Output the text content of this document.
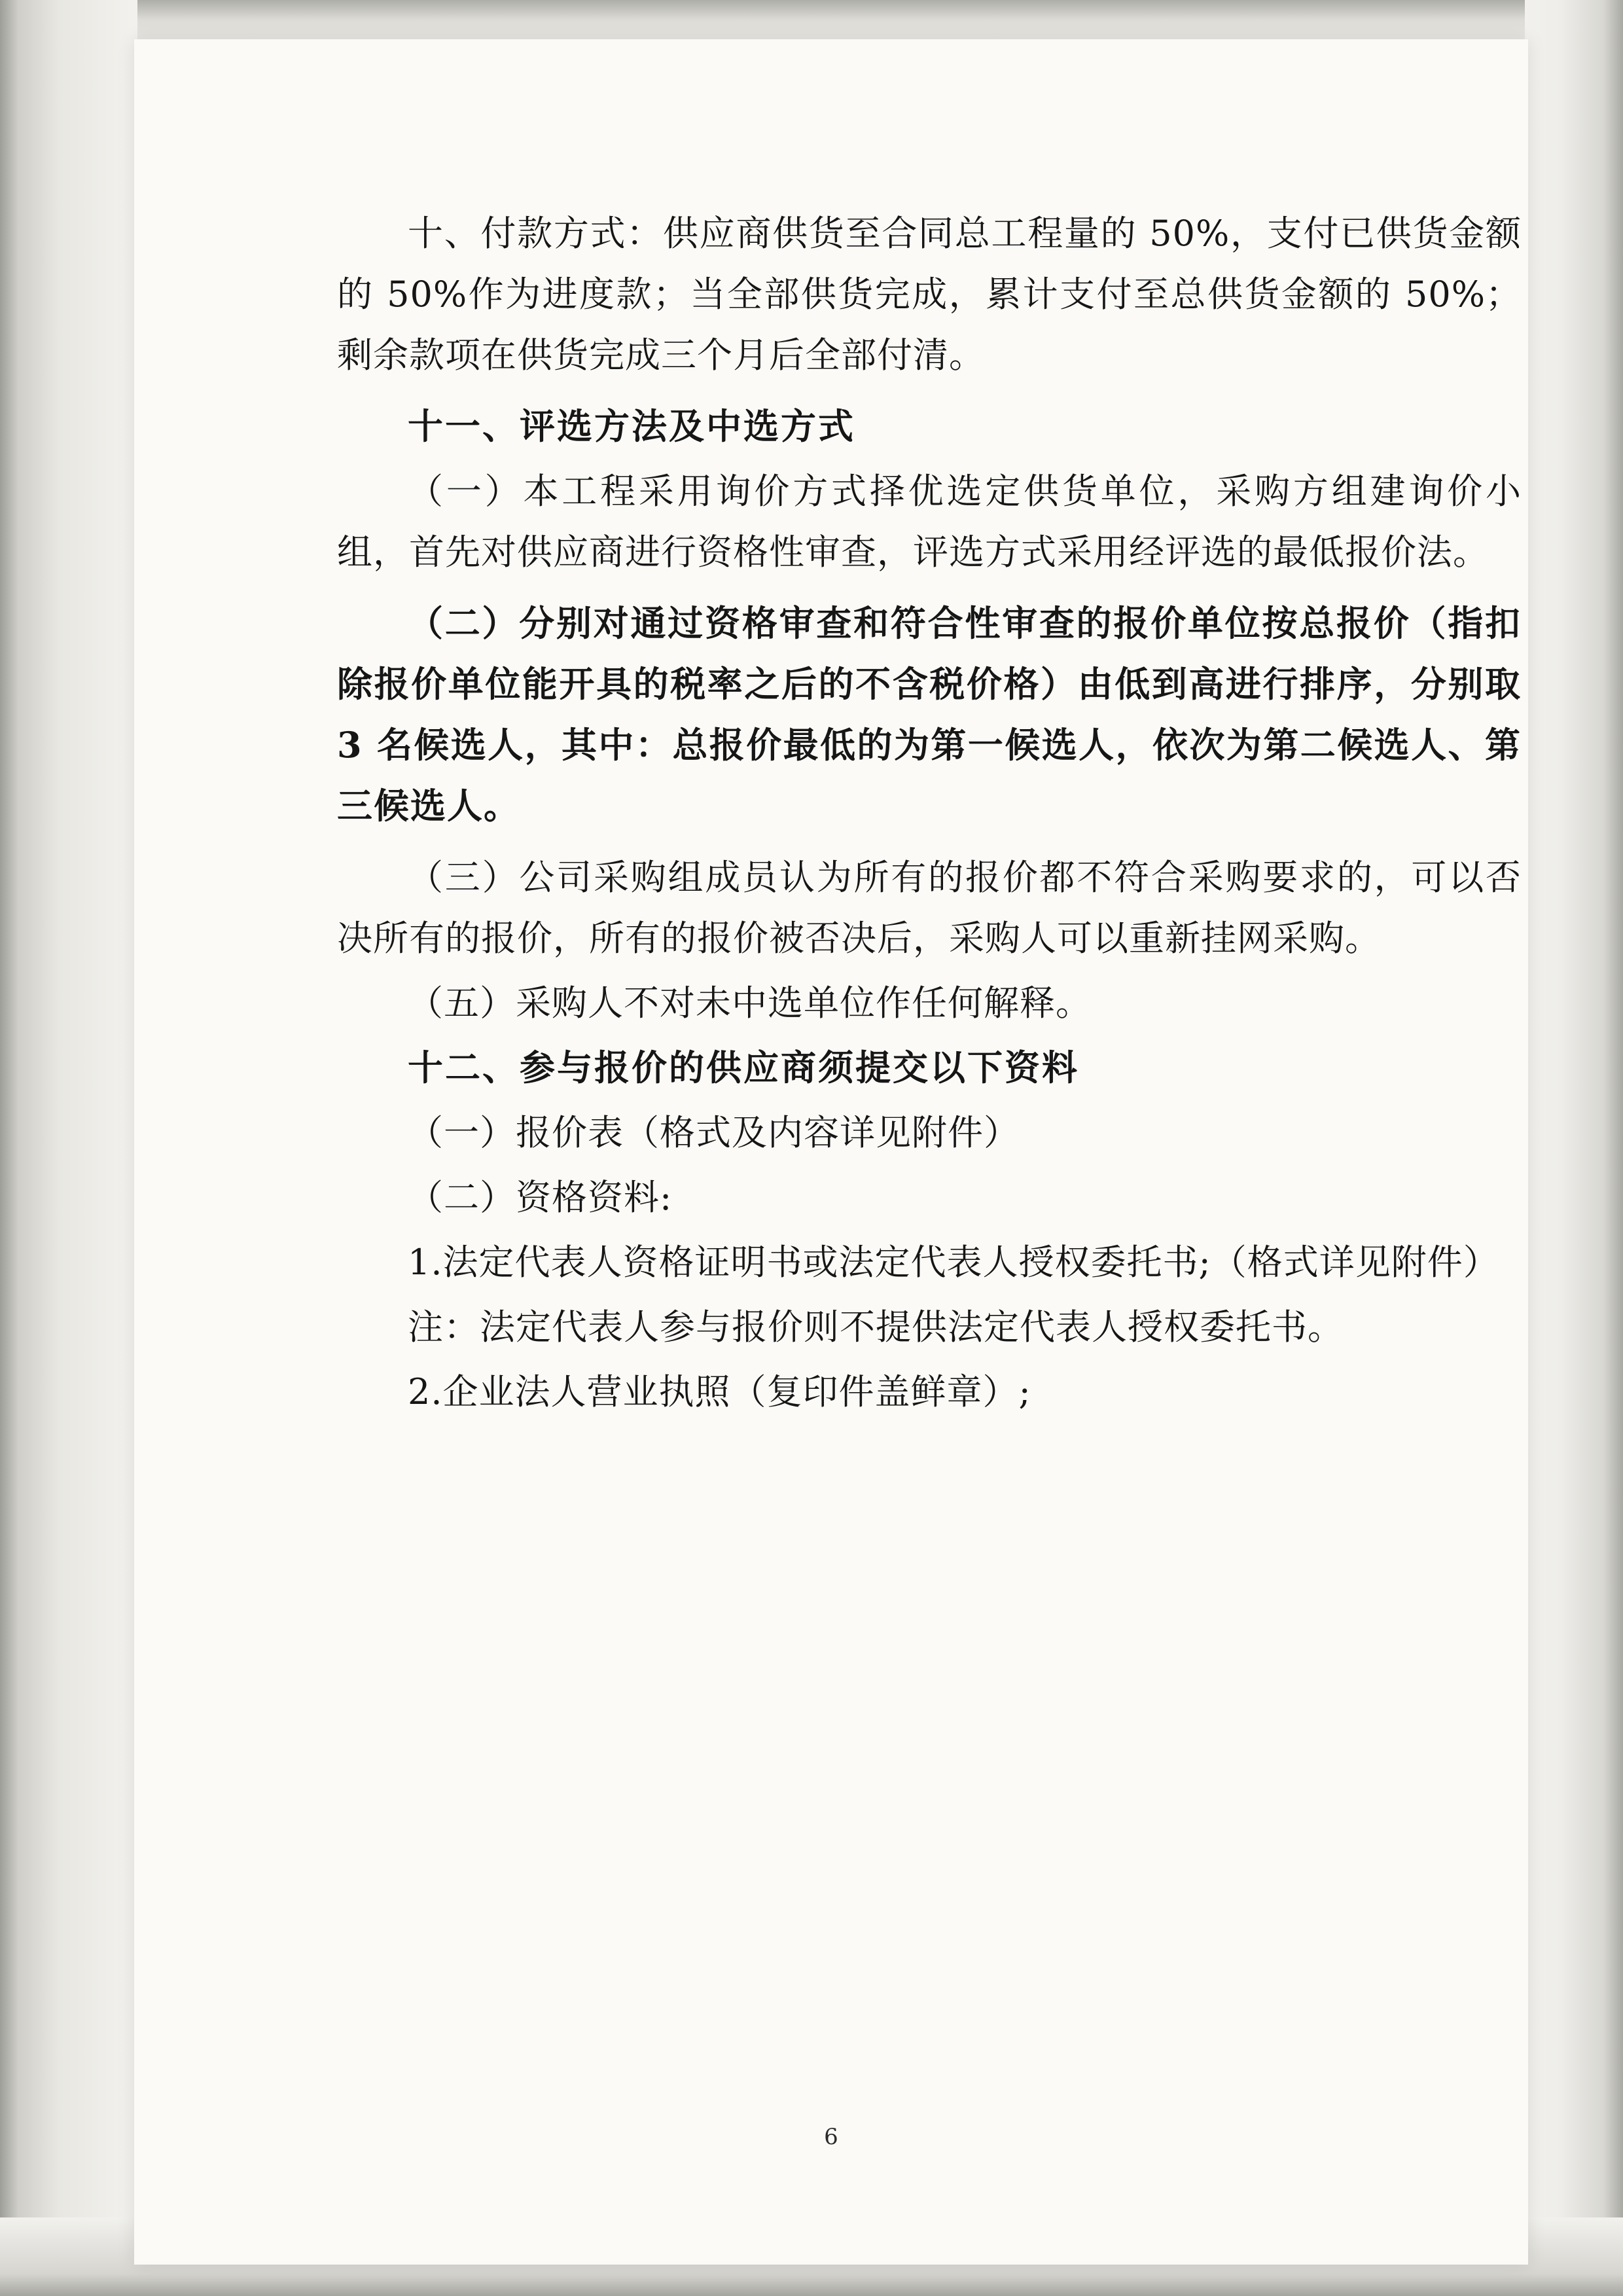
十、付款方式：供应商供货至合同总工程量的 50%，支付已供货金额的 50%作为进度款；当全部供货完成，累计支付至总供货金额的 50%；剩余款项在供货完成三个月后全部付清。

十一、评选方法及中选方式

（一）本工程采用询价方式择优选定供货单位，采购方组建询价小组，首先对供应商进行资格性审查，评选方式采用经评选的最低报价法。

（二）分别对通过资格审查和符合性审查的报价单位按总报价（指扣除报价单位能开具的税率之后的不含税价格）由低到高进行排序，分别取 3 名候选人，其中：总报价最低的为第一候选人，依次为第二候选人、第三候选人。

（三）公司采购组成员认为所有的报价都不符合采购要求的，可以否决所有的报价，所有的报价被否决后，采购人可以重新挂网采购。

（五）采购人不对未中选单位作任何解释。

十二、参与报价的供应商须提交以下资料

（一）报价表（格式及内容详见附件）

（二）资格资料:

1.法定代表人资格证明书或法定代表人授权委托书;（格式详见附件）

注：法定代表人参与报价则不提供法定代表人授权委托书。

2.企业法人营业执照（复印件盖鲜章）;

6
